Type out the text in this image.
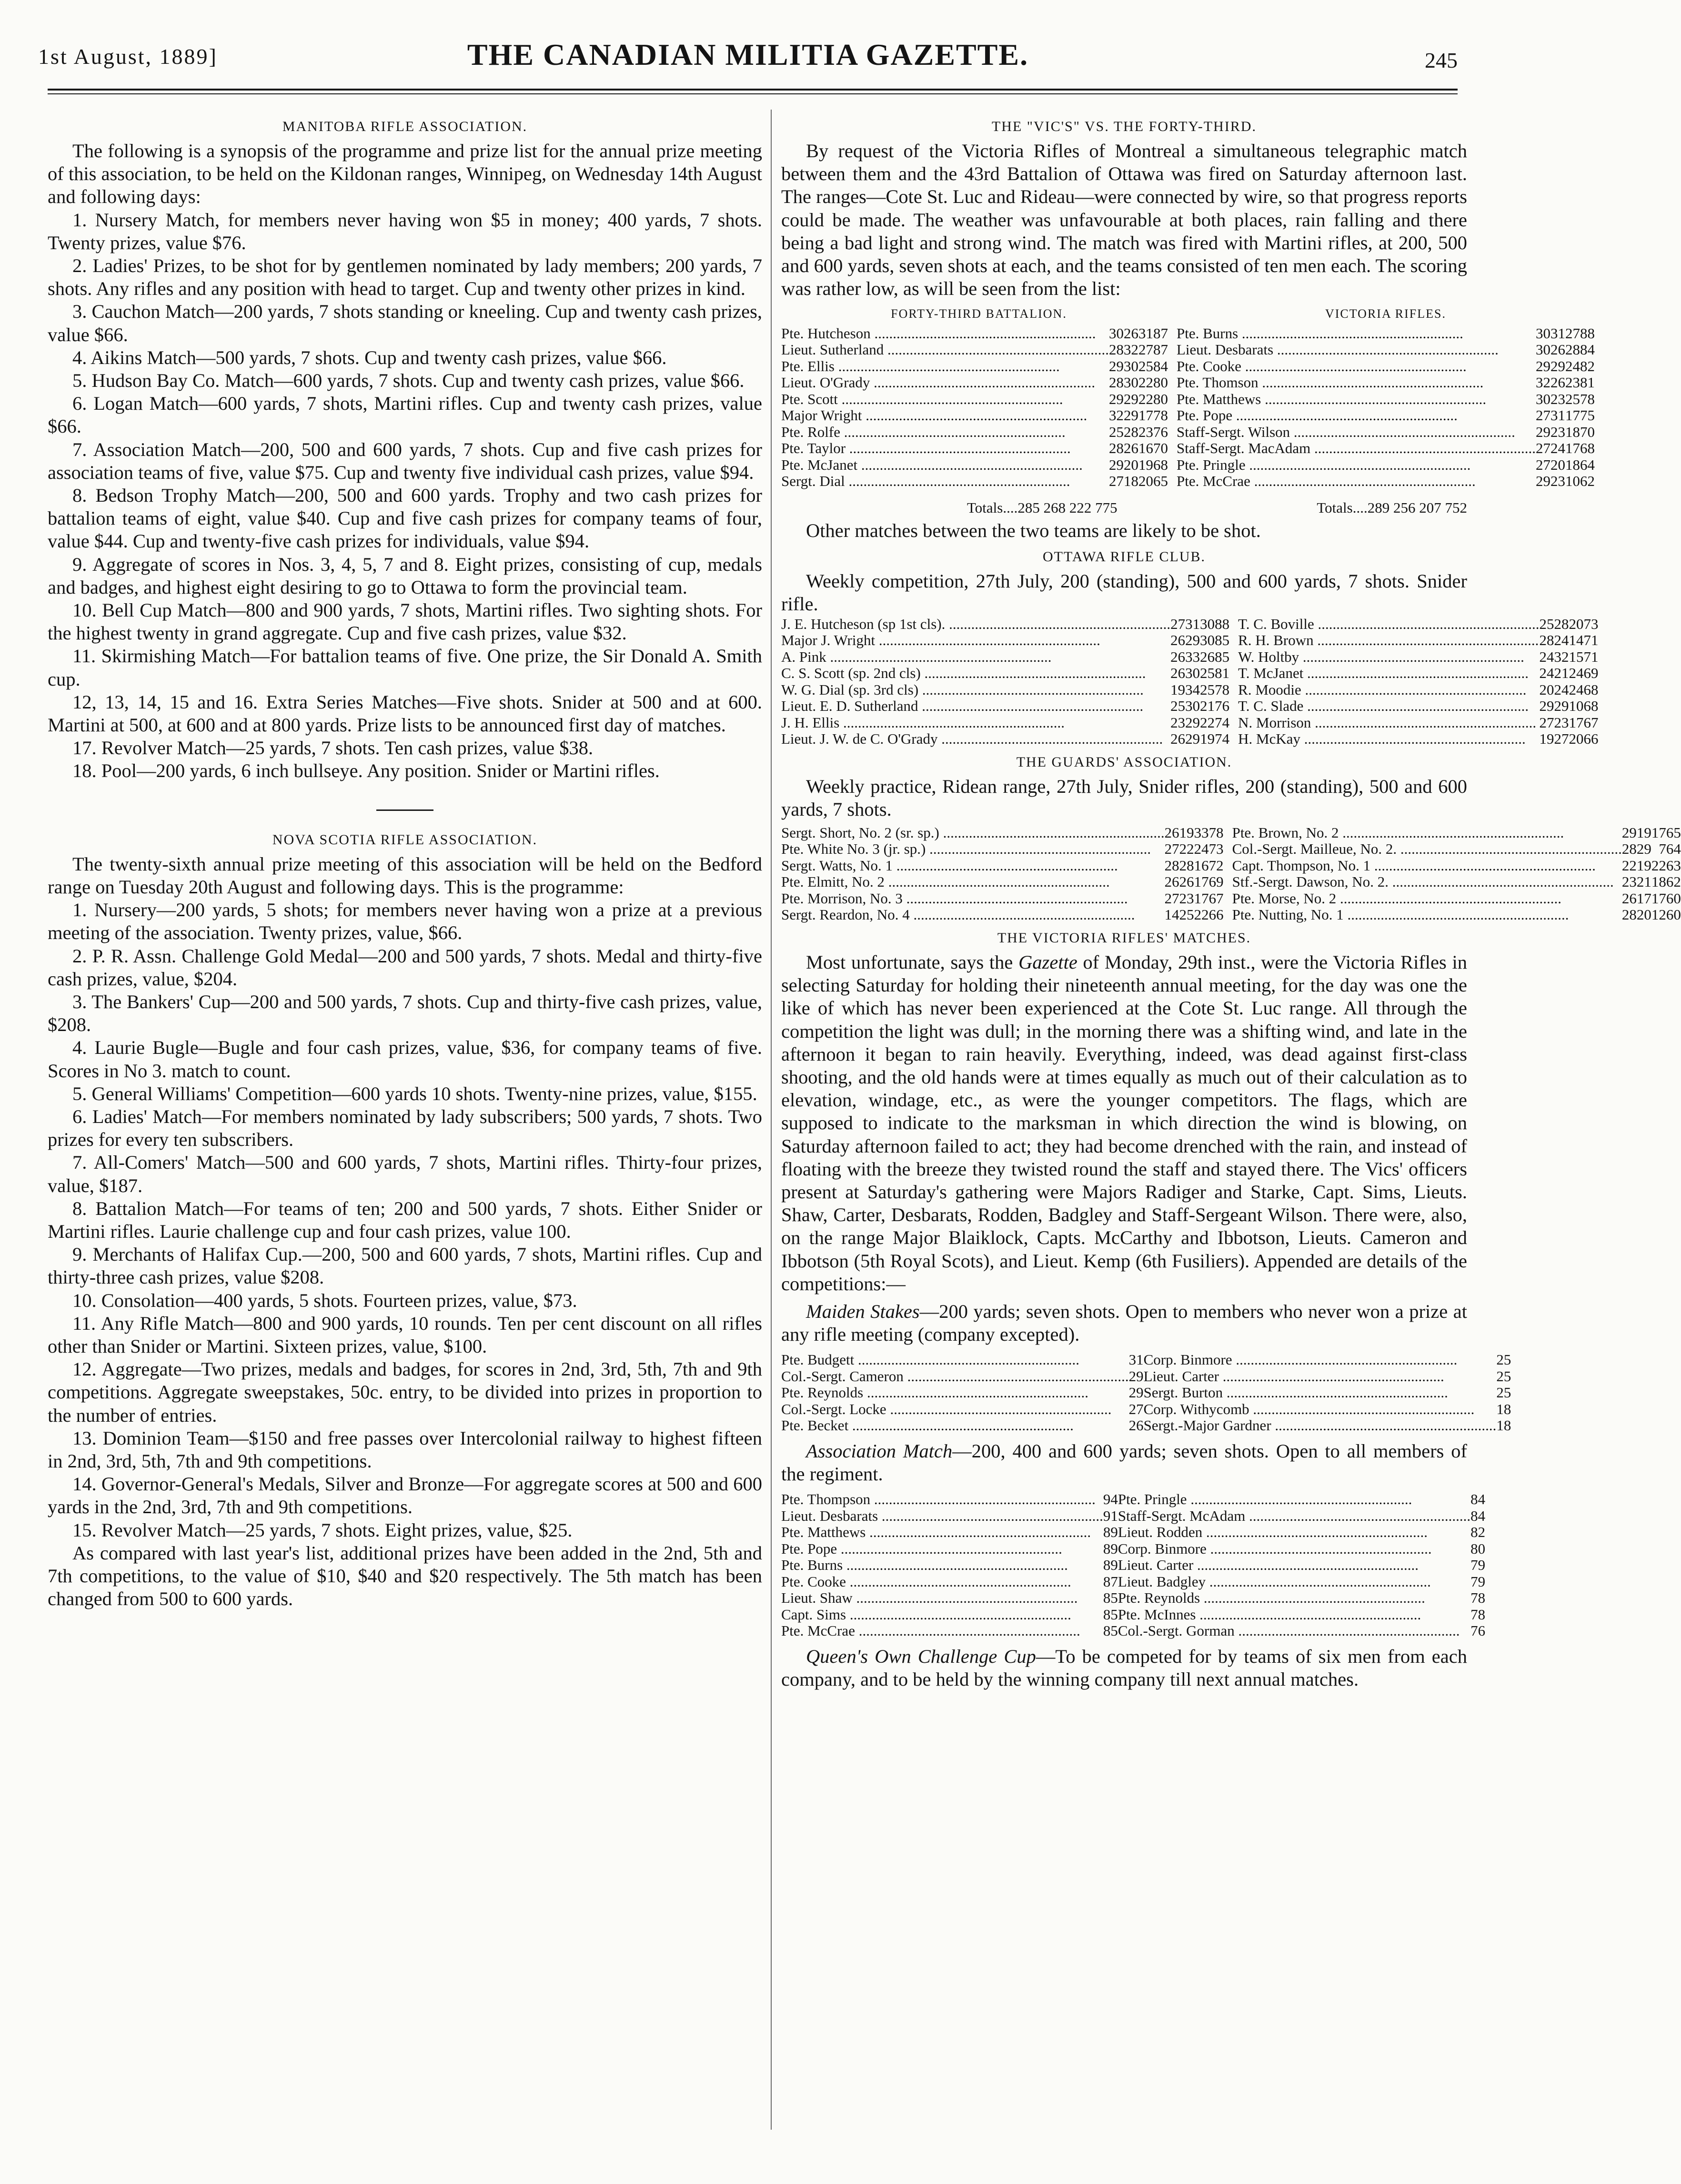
1st August, 1889]	THE CANADIAN MILITIA GAZETTE.	245
MANITOBA RIFLE ASSOCIATION.

The following is a synopsis of the programme and prize list for the annual prize meeting of this association, to be held on the Kildonan ranges, Winnipeg, on Wednesday 14th August and following days:

1. Nursery Match, for members never having won $5 in money; 400 yards, 7 shots. Twenty prizes, value $76.

2. Ladies' Prizes, to be shot for by gentlemen nominated by lady members; 200 yards, 7 shots. Any rifles and any position with head to target. Cup and twenty other prizes in kind.

3. Cauchon Match—200 yards, 7 shots standing or kneeling. Cup and twenty cash prizes, value $66.

4. Aikins Match—500 yards, 7 shots. Cup and twenty cash prizes, value $66.

5. Hudson Bay Co. Match—600 yards, 7 shots. Cup and twenty cash prizes, value $66.

6. Logan Match—600 yards, 7 shots, Martini rifles. Cup and twenty cash prizes, value $66.

7. Association Match—200, 500 and 600 yards, 7 shots. Cup and five cash prizes for association teams of five, value $75. Cup and twenty five individual cash prizes, value $94.

8. Bedson Trophy Match—200, 500 and 600 yards. Trophy and two cash prizes for battalion teams of eight, value $40. Cup and five cash prizes for company teams of four, value $44. Cup and twenty-five cash prizes for individuals, value $94.

9. Aggregate of scores in Nos. 3, 4, 5, 7 and 8. Eight prizes, consisting of cup, medals and badges, and highest eight desiring to go to Ottawa to form the provincial team.

10. Bell Cup Match—800 and 900 yards, 7 shots, Martini rifles. Two sighting shots. For the highest twenty in grand aggregate. Cup and five cash prizes, value $32.

11. Skirmishing Match—For battalion teams of five. One prize, the Sir Donald A. Smith cup.

12, 13, 14, 15 and 16. Extra Series Matches—Five shots. Snider at 500 and at 600. Martini at 500, at 600 and at 800 yards. Prize lists to be announced first day of matches.

17. Revolver Match—25 yards, 7 shots. Ten cash prizes, value $38.

18. Pool—200 yards, 6 inch bullseye. Any position. Snider or Martini rifles.

NOVA SCOTIA RIFLE ASSOCIATION.

The twenty-sixth annual prize meeting of this association will be held on the Bedford range on Tuesday 20th August and following days. This is the programme:

1. Nursery—200 yards, 5 shots; for members never having won a prize at a previous meeting of the association. Twenty prizes, value, $66.

2. P. R. Assn. Challenge Gold Medal—200 and 500 yards, 7 shots. Medal and thirty-five cash prizes, value, $204.

3. The Bankers' Cup—200 and 500 yards, 7 shots. Cup and thirty-five cash prizes, value, $208.

4. Laurie Bugle—Bugle and four cash prizes, value, $36, for company teams of five. Scores in No 3. match to count.

5. General Williams' Competition—600 yards 10 shots. Twenty-nine prizes, value, $155.

6. Ladies' Match—For members nominated by lady subscribers; 500 yards, 7 shots. Two prizes for every ten subscribers.

7. All-Comers' Match—500 and 600 yards, 7 shots, Martini rifles. Thirty-four prizes, value, $187.

8. Battalion Match—For teams of ten; 200 and 500 yards, 7 shots. Either Snider or Martini rifles. Laurie challenge cup and four cash prizes, value 100.

9. Merchants of Halifax Cup.—200, 500 and 600 yards, 7 shots, Martini rifles. Cup and thirty-three cash prizes, value $208.

10. Consolation—400 yards, 5 shots. Fourteen prizes, value, $73.

11. Any Rifle Match—800 and 900 yards, 10 rounds. Ten per cent discount on all rifles other than Snider or Martini. Sixteen prizes, value, $100.

12. Aggregate—Two prizes, medals and badges, for scores in 2nd, 3rd, 5th, 7th and 9th competitions. Aggregate sweepstakes, 50c. entry, to be divided into prizes in proportion to the number of entries.

13. Dominion Team—$150 and free passes over Intercolonial railway to highest fifteen in 2nd, 3rd, 5th, 7th and 9th competitions.

14. Governor-General's Medals, Silver and Bronze—For aggregate scores at 500 and 600 yards in the 2nd, 3rd, 7th and 9th competitions.

15. Revolver Match—25 yards, 7 shots. Eight prizes, value, $25.

As compared with last year's list, additional prizes have been added in the 2nd, 5th and 7th competitions, to the value of $10, $40 and $20 respectively. The 5th match has been changed from 500 to 600 yards.

THE "VIC'S" VS. THE FORTY-THIRD.

By request of the Victoria Rifles of Montreal a simultaneous telegraphic match between them and the 43rd Battalion of Ottawa was fired on Saturday afternoon last. The ranges—Cote St. Luc and Rideau—were connected by wire, so that progress reports could be made. The weather was unfavourable at both places, rain falling and there being a bad light and strong wind. The match was fired with Martini rifles, at 200, 500 and 600 yards, seven shots at each, and the teams consisted of ten men each. The scoring was rather low, as will be seen from the list:

FORTY-THIRD BATTALION.					VICTORIA RIFLES.				
Pte. Hutcheson ............................................................	30	26	31	87	Pte. Burns ............................................................	30	31	27	88
Lieut. Sutherland ............................................................	28	32	27	87	Lieut. Desbarats ............................................................	30	26	28	84
Pte. Ellis ............................................................	29	30	25	84	Pte. Cooke ............................................................	29	29	24	82
Lieut. O'Grady ............................................................	28	30	22	80	Pte. Thomson ............................................................	32	26	23	81
Pte. Scott ............................................................	29	29	22	80	Pte. Matthews ............................................................	30	23	25	78
Major Wright ............................................................	32	29	17	78	Pte. Pope ............................................................	27	31	17	75
Pte. Rolfe ............................................................	25	28	23	76	Staff-Sergt. Wilson ............................................................	29	23	18	70
Pte. Taylor ............................................................	28	26	16	70	Staff-Sergt. MacAdam ............................................................	27	24	17	68
Pte. McJanet ............................................................	29	20	19	68	Pte. Pringle ............................................................	27	20	18	64
Sergt. Dial ............................................................	27	18	20	65	Pte. McCrae ............................................................	29	23	10	62
Totals....285 268 222 775	Totals....289 256 207 752

Other matches between the two teams are likely to be shot.

OTTAWA RIFLE CLUB.

Weekly competition, 27th July, 200 (standing), 500 and 600 yards, 7 shots. Snider rifle.

J. E. Hutcheson (sp 1st cls). ............................................................	27	31	30	88	T. C. Boville ............................................................	25	28	20	73
Major J. Wright ............................................................	26	29	30	85	R. H. Brown ............................................................	28	24	14	71
A. Pink ............................................................	26	33	26	85	W. Holtby ............................................................	24	32	15	71
C. S. Scott (sp. 2nd cls) ............................................................	26	30	25	81	T. McJanet ............................................................	24	21	24	69
W. G. Dial (sp. 3rd cls) ............................................................	19	34	25	78	R. Moodie ............................................................	20	24	24	68
Lieut. E. D. Sutherland ............................................................	25	30	21	76	T. C. Slade ............................................................	29	29	10	68
J. H. Ellis ............................................................	23	29	22	74	N. Morrison ............................................................	27	23	17	67
Lieut. J. W. de C. O'Grady ............................................................	26	29	19	74	H. McKay ............................................................	19	27	20	66
THE GUARDS' ASSOCIATION.

Weekly practice, Ridean range, 27th July, Snider rifles, 200 (standing), 500 and 600 yards, 7 shots.

Sergt. Short, No. 2 (sr. sp.) ............................................................	26	19	33	78	Pte. Brown, No. 2 ............................................................	29	19	17	65
Pte. White No. 3 (jr. sp.) ............................................................	27	22	24	73	Col.-Sergt. Mailleue, No. 2. ............................................................	28	29	7	64
Sergt. Watts, No. 1 ............................................................	28	28	16	72	Capt. Thompson, No. 1 ............................................................	22	19	22	63
Pte. Elmitt, No. 2 ............................................................	26	26	17	69	Stf.-Sergt. Dawson, No. 2. ............................................................	23	21	18	62
Pte. Morrison, No. 3 ............................................................	27	23	17	67	Pte. Morse, No. 2 ............................................................	26	17	17	60
Sergt. Reardon, No. 4 ............................................................	14	25	22	66	Pte. Nutting, No. 1 ............................................................	28	20	12	60
THE VICTORIA RIFLES' MATCHES.

Most unfortunate, says the Gazette of Monday, 29th inst., were the Victoria Rifles in selecting Saturday for holding their nineteenth annual meeting, for the day was one the like of which has never been experienced at the Cote St. Luc range. All through the competition the light was dull; in the morning there was a shifting wind, and late in the afternoon it began to rain heavily. Everything, indeed, was dead against first-class shooting, and the old hands were at times equally as much out of their calculation as to elevation, windage, etc., as were the younger competitors. The flags, which are supposed to indicate to the marksman in which direction the wind is blowing, on Saturday afternoon failed to act; they had become drenched with the rain, and instead of floating with the breeze they twisted round the staff and stayed there. The Vics' officers present at Saturday's gathering were Majors Radiger and Starke, Capt. Sims, Lieuts. Shaw, Carter, Desbarats, Rodden, Badgley and Staff-Sergeant Wilson. There were, also, on the range Major Blaiklock, Capts. McCarthy and Ibbotson, Lieuts. Cameron and Ibbotson (5th Royal Scots), and Lieut. Kemp (6th Fusiliers). Appended are details of the competitions:—

Maiden Stakes—200 yards; seven shots. Open to members who never won a prize at any rifle meeting (company excepted).

Pte. Budgett ............................................................	31		Corp. Binmore ............................................................	25
Col.-Sergt. Cameron ............................................................	29		Lieut. Carter ............................................................	25
Pte. Reynolds ............................................................	29		Sergt. Burton ............................................................	25
Col.-Sergt. Locke ............................................................	27		Corp. Withycomb ............................................................	18
Pte. Becket ............................................................	26		Sergt.-Major Gardner ............................................................	18

Association Match—200, 400 and 600 yards; seven shots. Open to all members of the regiment.

Pte. Thompson ............................................................	94		Pte. Pringle ............................................................	84
Lieut. Desbarats ............................................................	91		Staff-Sergt. McAdam ............................................................	84
Pte. Matthews ............................................................	89		Lieut. Rodden ............................................................	82
Pte. Pope ............................................................	89		Corp. Binmore ............................................................	80
Pte. Burns ............................................................	89		Lieut. Carter ............................................................	79
Pte. Cooke ............................................................	87		Lieut. Badgley ............................................................	79
Lieut. Shaw ............................................................	85		Pte. Reynolds ............................................................	78
Capt. Sims ............................................................	85		Pte. McInnes ............................................................	78
Pte. McCrae ............................................................	85		Col.-Sergt. Gorman ............................................................	76

Queen's Own Challenge Cup—To be competed for by teams of six men from each company, and to be held by the winning company till next annual matches.
